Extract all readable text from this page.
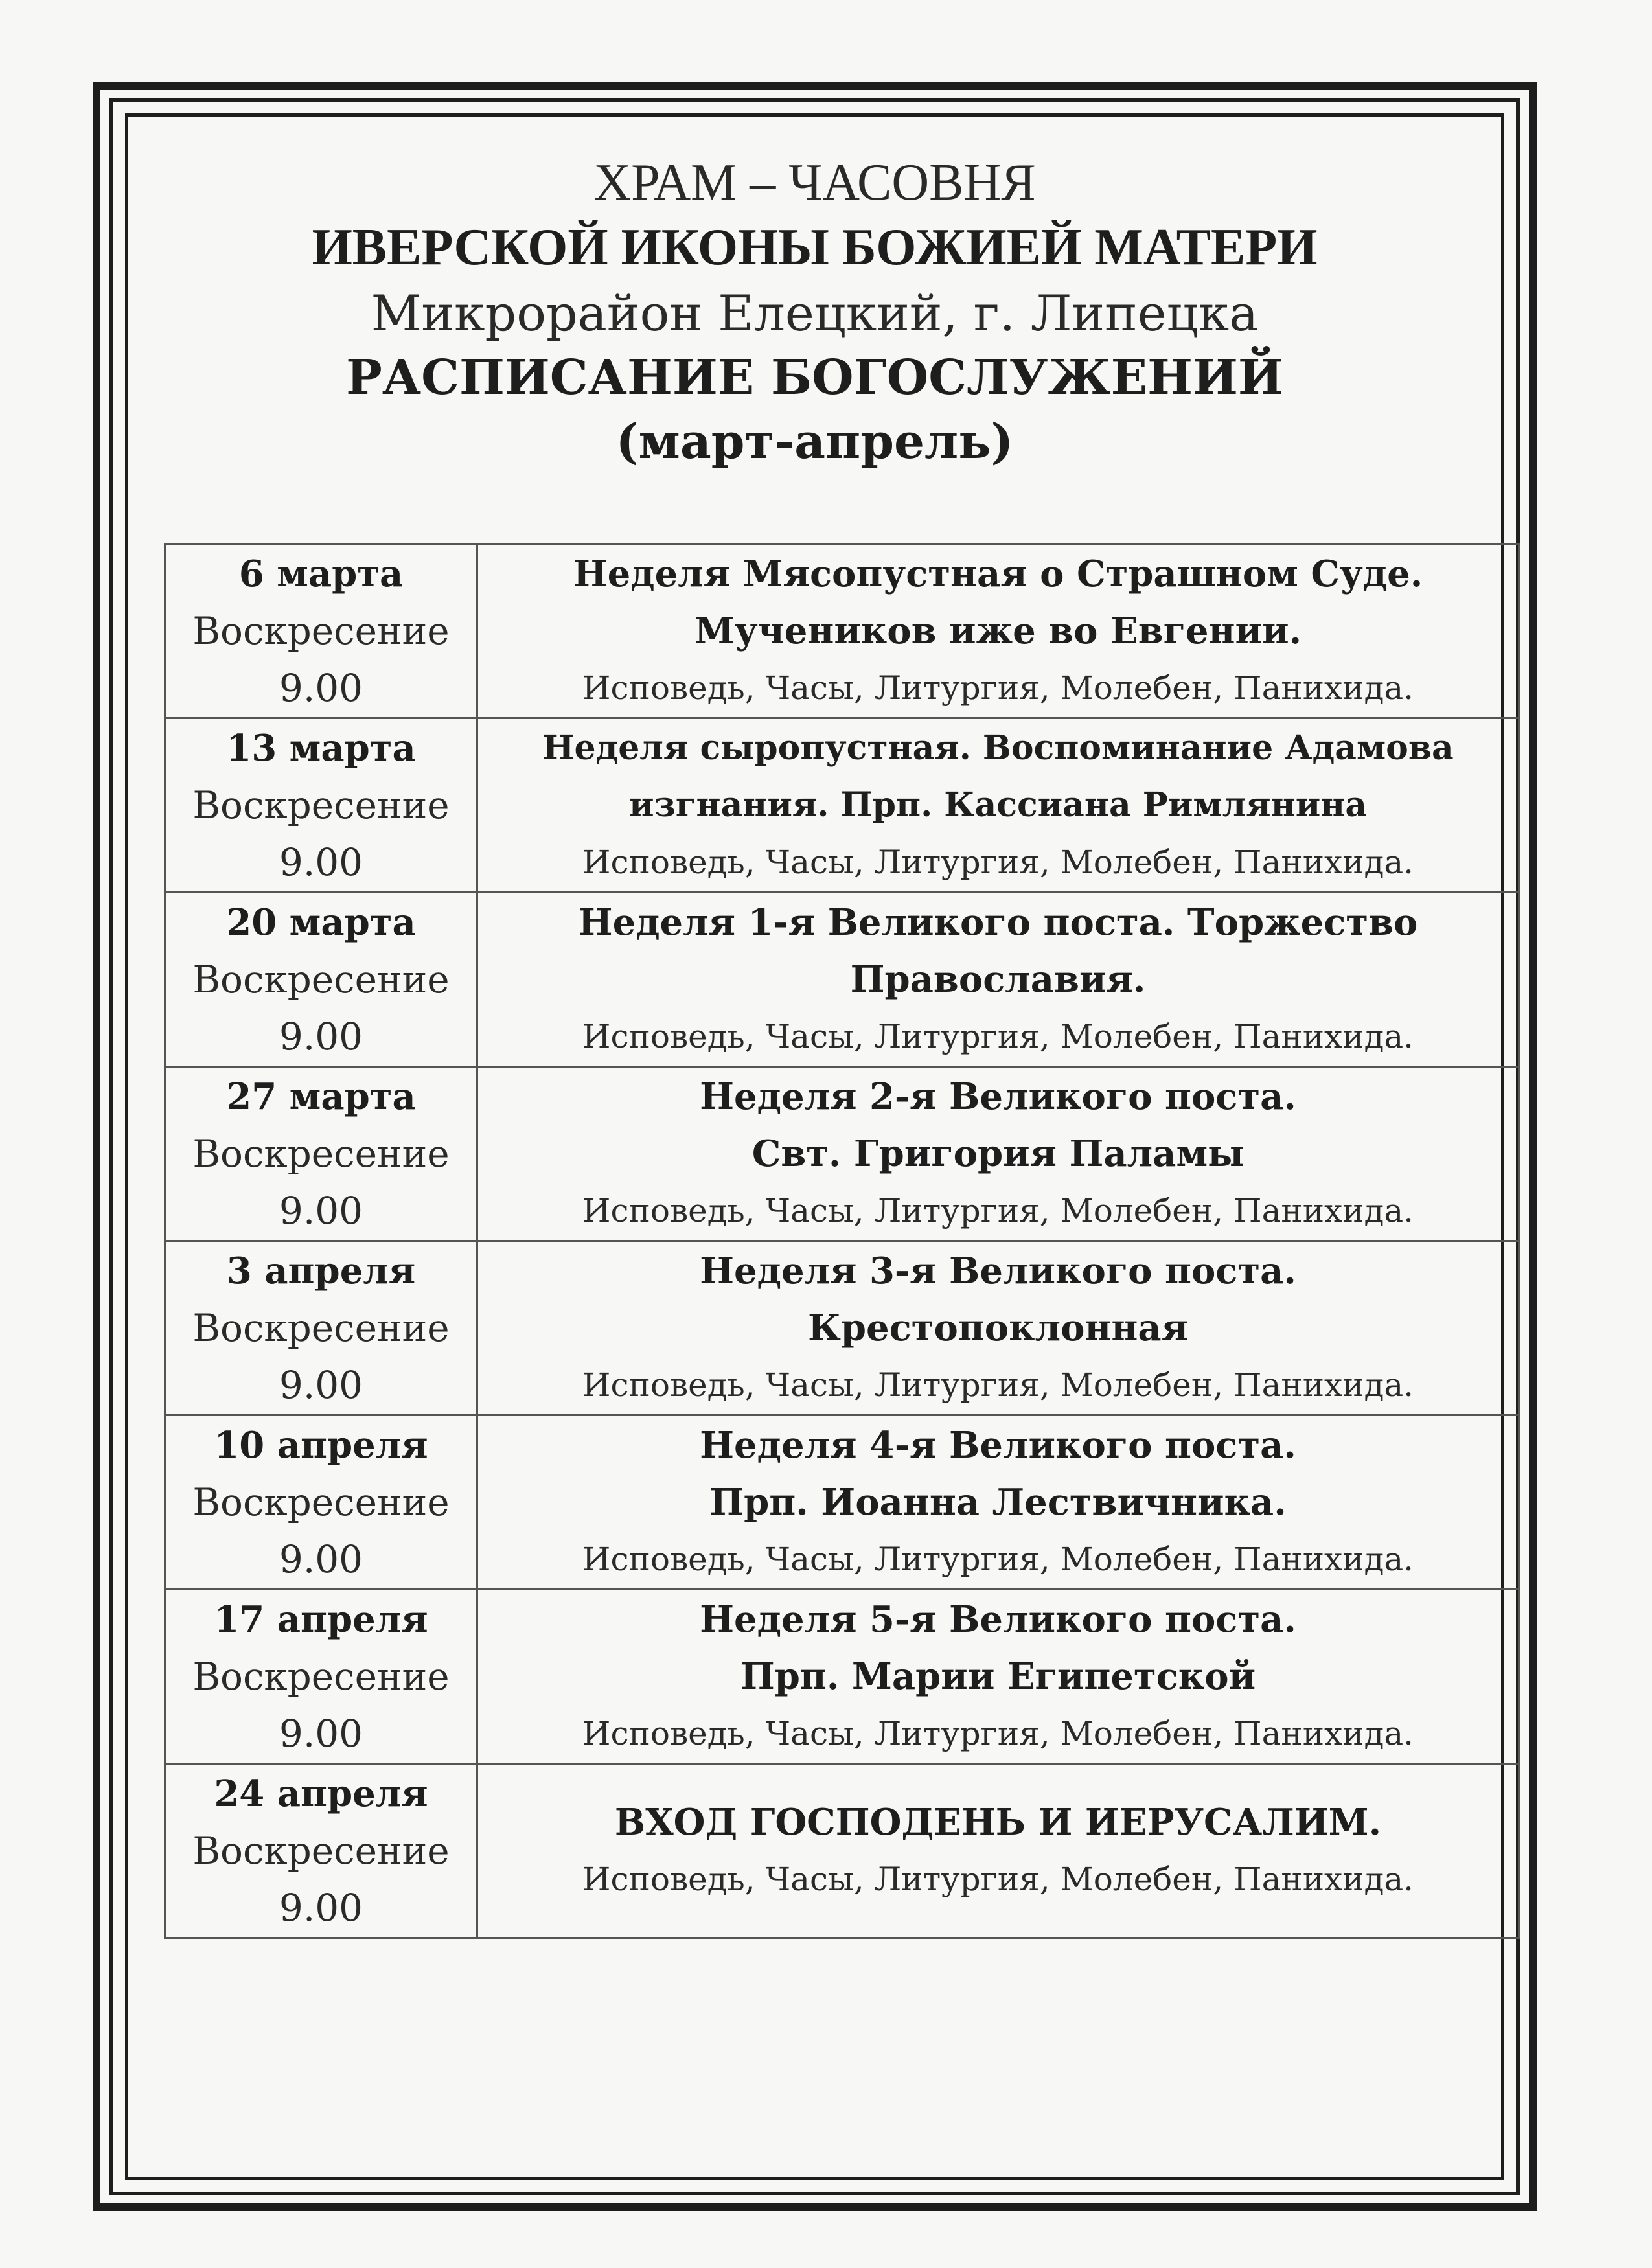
ХРАМ – ЧАСОВНЯ
ИВЕРСКОЙ ИКОНЫ БОЖИЕЙ МАТЕРИ
Микрорайон Елецкий, г. Липецка
РАСПИСАНИЕ БОГОСЛУЖЕНИЙ
(март-апрель)
6 марта
Воскресение
9.00	Неделя Мясопустная о Страшном Суде.
Мучеников иже во Евгении.
Исповедь, Часы, Литургия, Молебен, Панихида.

13 марта
Воскресение
9.00	Неделя сыропустная. Воспоминание Адамова
изгнания. Прп. Кассиана Римлянина
Исповедь, Часы, Литургия, Молебен, Панихида.

20 марта
Воскресение
9.00	Неделя 1-я Великого поста. Торжество
Православия.
Исповедь, Часы, Литургия, Молебен, Панихида.

27 марта
Воскресение
9.00	Неделя 2-я Великого поста.
Свт. Григория Паламы
Исповедь, Часы, Литургия, Молебен, Панихида.

3 апреля
Воскресение
9.00	Неделя 3-я Великого поста.
Крестопоклонная
Исповедь, Часы, Литургия, Молебен, Панихида.

10 апреля
Воскресение
9.00	Неделя 4-я Великого поста.
Прп. Иоанна Лествичника.
Исповедь, Часы, Литургия, Молебен, Панихида.

17 апреля
Воскресение
9.00	Неделя 5-я Великого поста.
Прп. Марии Египетской
Исповедь, Часы, Литургия, Молебен, Панихида.

24 апреля
Воскресение
9.00	ВХОД ГОСПОДЕНЬ И ИЕРУСАЛИМ.
Исповедь, Часы, Литургия, Молебен, Панихида.
